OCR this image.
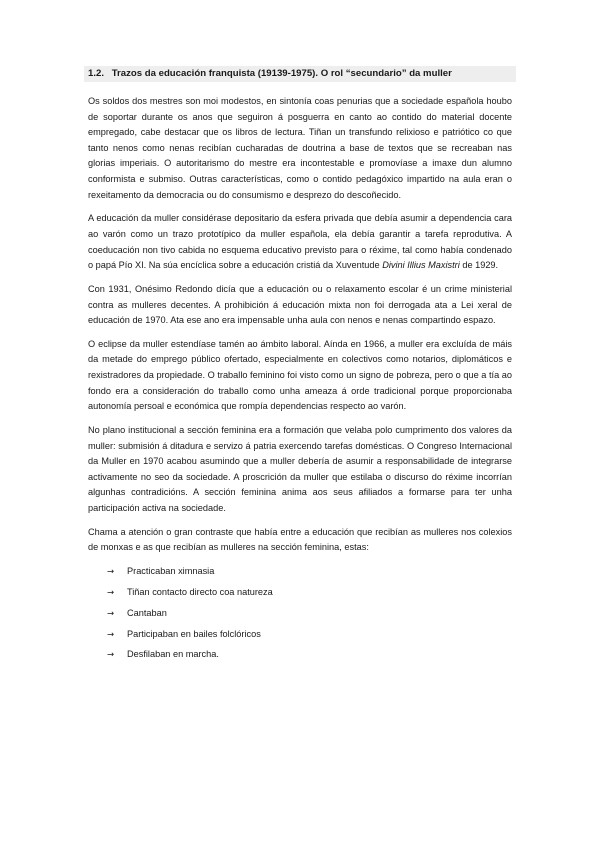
1.2. Trazos da educación franquista (19139-1975). O rol “secundario” da muller

Os soldos dos mestres son moi modestos, en sintonía coas penurias que a sociedade española houbo de soportar durante os anos que seguiron á posguerra en canto ao contido do material docente empregado, cabe destacar que os libros de lectura. Tiñan un transfundo relixioso e patriótico co que tanto nenos como nenas recibían cucharadas de doutrina a base de textos que se recreaban nas glorias imperiais. O autoritarismo do mestre era incontestable e promovíase a imaxe dun alumno conformista e submiso. Outras características, como o contido pedagóxico impartido na aula eran o rexeitamento da democracia ou do consumismo e desprezo do descoñecido.

A educación da muller considérase depositario da esfera privada que debía asumir a dependencia cara ao varón como un trazo prototípico da muller española, ela debía garantir a tarefa reprodutiva. A coeducación non tivo cabida no esquema educativo previsto para o réxime, tal como había condenado o papá Pío XI. Na súa encíclica sobre a educación cristiá da Xuventude Divini Illius Maxistri de 1929.

Con 1931, Onésimo Redondo dicía que a educación ou o relaxamento escolar é un crime ministerial contra as mulleres decentes. A prohibición á educación mixta non foi derrogada ata a Lei xeral de educación de 1970. Ata ese ano era impensable unha aula con nenos e nenas compartindo espazo.

O eclipse da muller estendíase tamén ao ámbito laboral. Aínda en 1966, a muller era excluída de máis da metade do emprego público ofertado, especialmente en colectivos como notarios, diplomáticos e rexistradores da propiedade. O traballo feminino foi visto como un signo de pobreza, pero o que a tía ao fondo era a consideración do traballo como unha ameaza á orde tradicional porque proporcionaba autonomía persoal e económica que rompía dependencias respecto ao varón.

No plano institucional a sección feminina era a formación que velaba polo cumprimento dos valores da muller: submisión á ditadura e servizo á patria exercendo tarefas domésticas. O Congreso Internacional da Muller en 1970 acabou asumindo que a muller debería de asumir a responsabilidade de integrarse activamente no seo da sociedade. A proscrición da muller que estilaba o discurso do réxime incorrían algunhas contradicións. A sección feminina anima aos seus afiliados a formarse para ter unha participación activa na sociedade.

Chama a atención o gran contraste que había entre a educación que recibían as mulleres nos colexios de monxas e as que recibían as mulleres na sección feminina, estas:

→	Practicaban ximnasia
→	Tiñan contacto directo coa natureza
→	Cantaban
→	Participaban en bailes folclóricos
→	Desfilaban en marcha.
